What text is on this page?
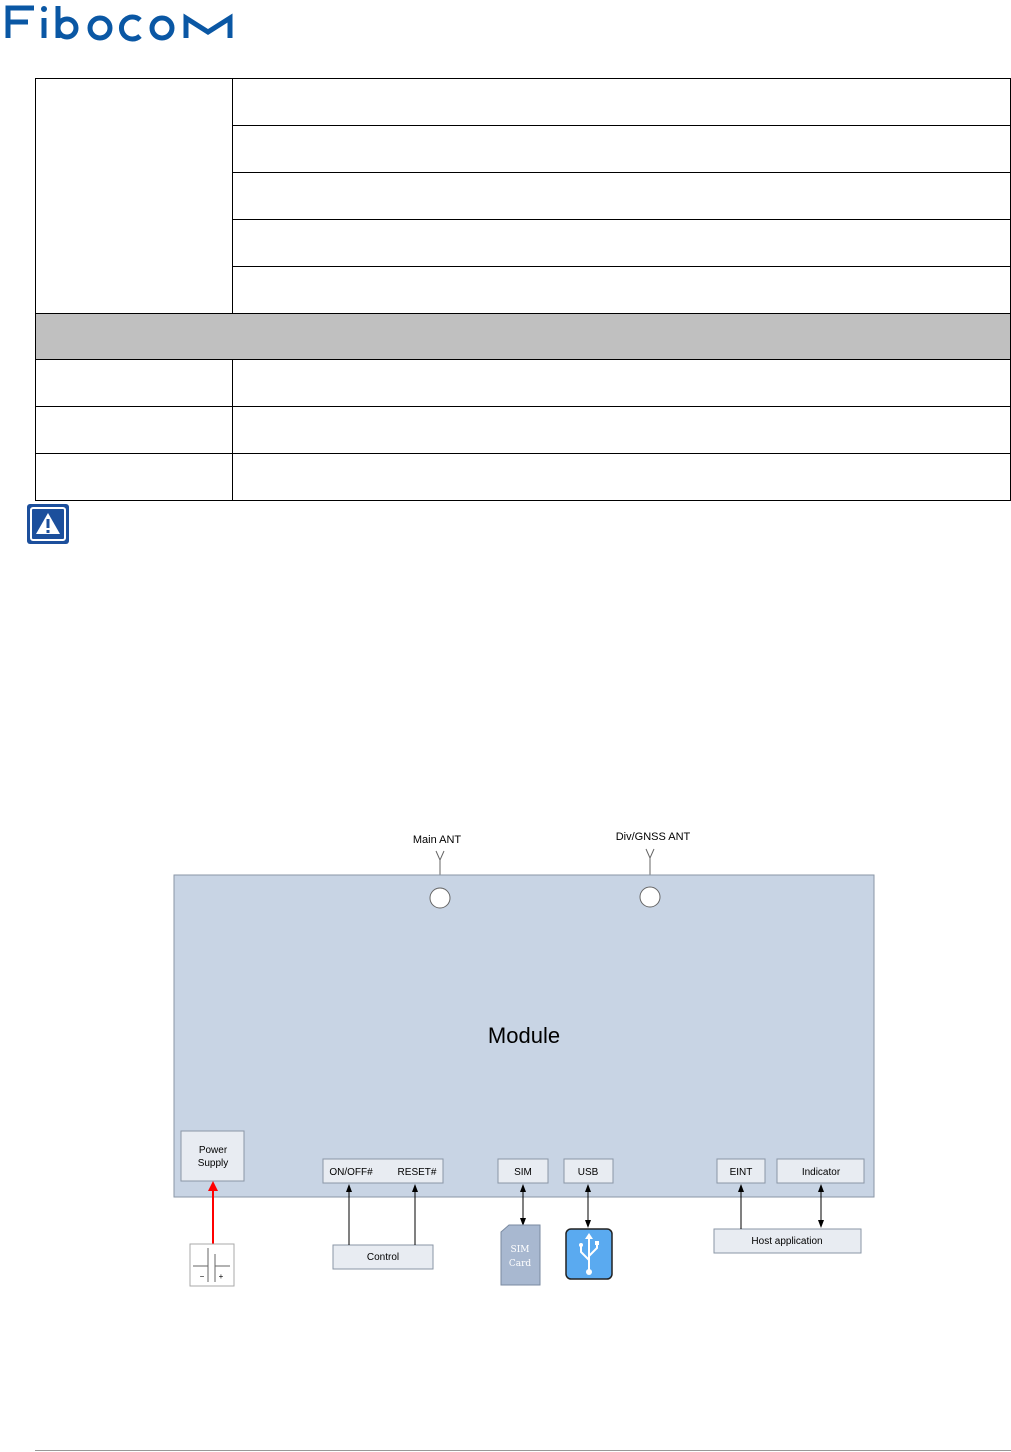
Main ANT	Div/GNSS ANT
Module
Power
Supply
ON/OFF# RESET#	SIM	USB	EINT	Indicator
− +
Control
SIM
Card
Host application
